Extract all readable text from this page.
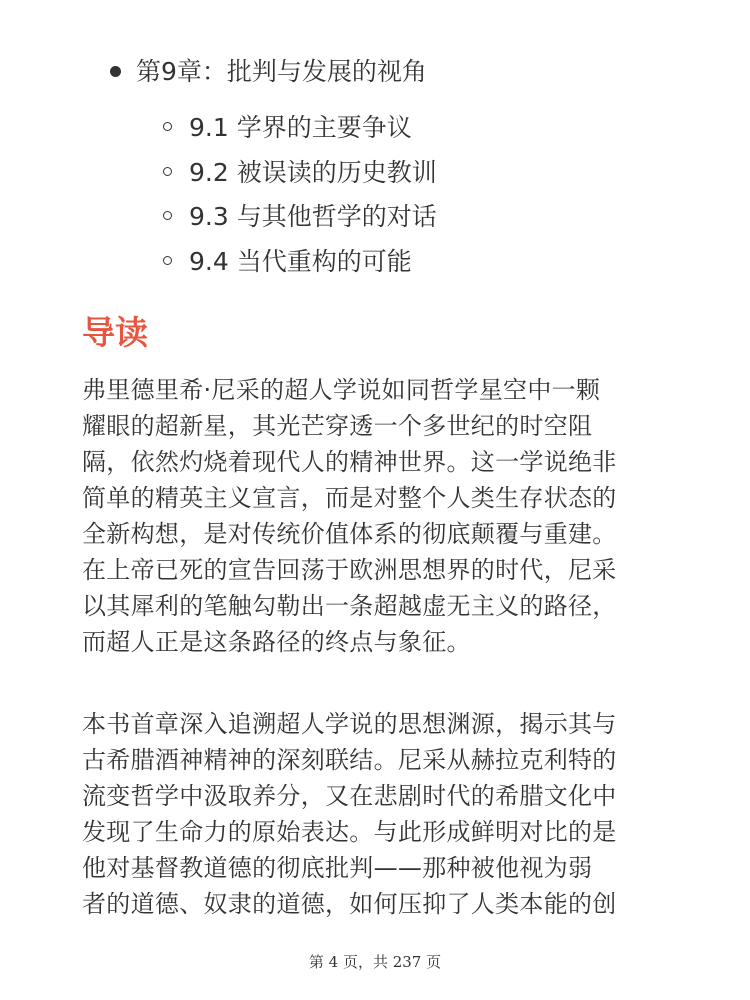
第9章：批判与发展的视角
9.1 学界的主要争议
9.2 被误读的历史教训
9.3 与其他哲学的对话
9.4 当代重构的可能
导读

弗里德里希·尼采的超人学说如同哲学星空中一颗
耀眼的超新星，其光芒穿透一个多世纪的时空阻
隔，依然灼烧着现代人的精神世界。这一学说绝非
简单的精英主义宣言，而是对整个人类生存状态的
全新构想，是对传统价值体系的彻底颠覆与重建。
在上帝已死的宣告回荡于欧洲思想界的时代，尼采
以其犀利的笔触勾勒出一条超越虚无主义的路径，
而超人正是这条路径的终点与象征。

本书首章深入追溯超人学说的思想渊源，揭示其与
古希腊酒神精神的深刻联结。尼采从赫拉克利特的
流变哲学中汲取养分，又在悲剧时代的希腊文化中
发现了生命力的原始表达。与此形成鲜明对比的是
他对基督教道德的彻底批判——那种被他视为弱
者的道德、奴隶的道德，如何压抑了人类本能的创

第 4 页，共 237 页
